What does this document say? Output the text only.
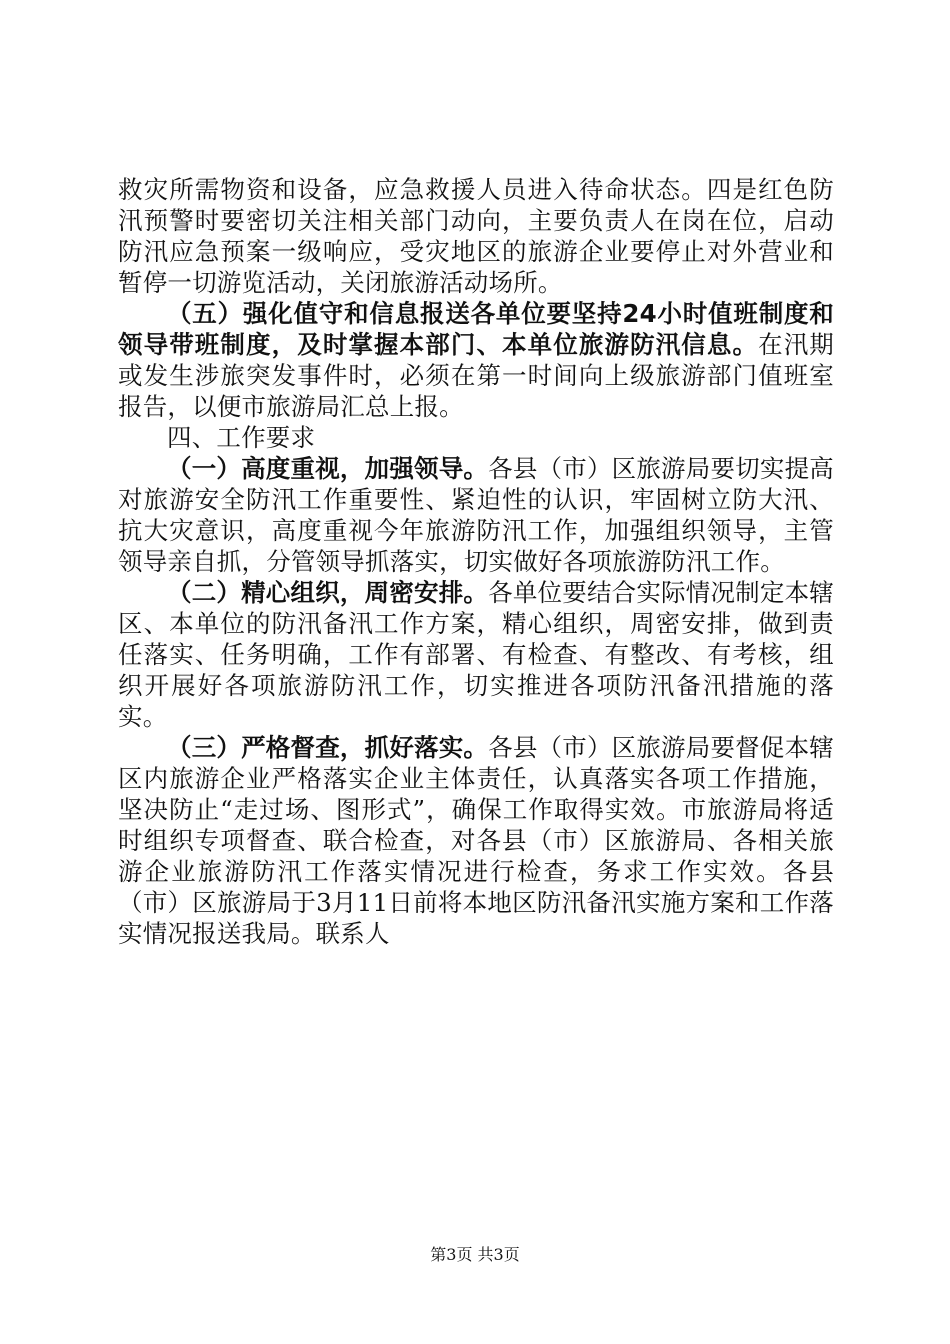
救灾所需物资和设备，应急救援人员进入待命状态。四是红色防汛预警时要密切关注相关部门动向，主要负责人在岗在位，启动防汛应急预案一级响应，受灾地区的旅游企业要停止对外营业和暂停一切游览活动，关闭旅游活动场所。

（五）强化值守和信息报送各单位要坚持24小时值班制度和领导带班制度，及时掌握本部门、本单位旅游防汛信息。在汛期或发生涉旅突发事件时，必须在第一时间向上级旅游部门值班室报告，以便市旅游局汇总上报。

四、工作要求

（一）高度重视，加强领导。各县（市）区旅游局要切实提高对旅游安全防汛工作重要性、紧迫性的认识，牢固树立防大汛、抗大灾意识，高度重视今年旅游防汛工作，加强组织领导，主管领导亲自抓，分管领导抓落实，切实做好各项旅游防汛工作。

（二）精心组织，周密安排。各单位要结合实际情况制定本辖区、本单位的防汛备汛工作方案，精心组织，周密安排，做到责任落实、任务明确，工作有部署、有检查、有整改、有考核，组织开展好各项旅游防汛工作，切实推进各项防汛备汛措施的落实。

（三）严格督查，抓好落实。各县（市）区旅游局要督促本辖区内旅游企业严格落实企业主体责任，认真落实各项工作措施，坚决防止“走过场、图形式”，确保工作取得实效。市旅游局将适时组织专项督查、联合检查，对各县（市）区旅游局、各相关旅游企业旅游防汛工作落实情况进行检查，务求工作实效。各县（市）区旅游局于3月11日前将本地区防汛备汛实施方案和工作落实情况报送我局。联系人

第3页 共3页
